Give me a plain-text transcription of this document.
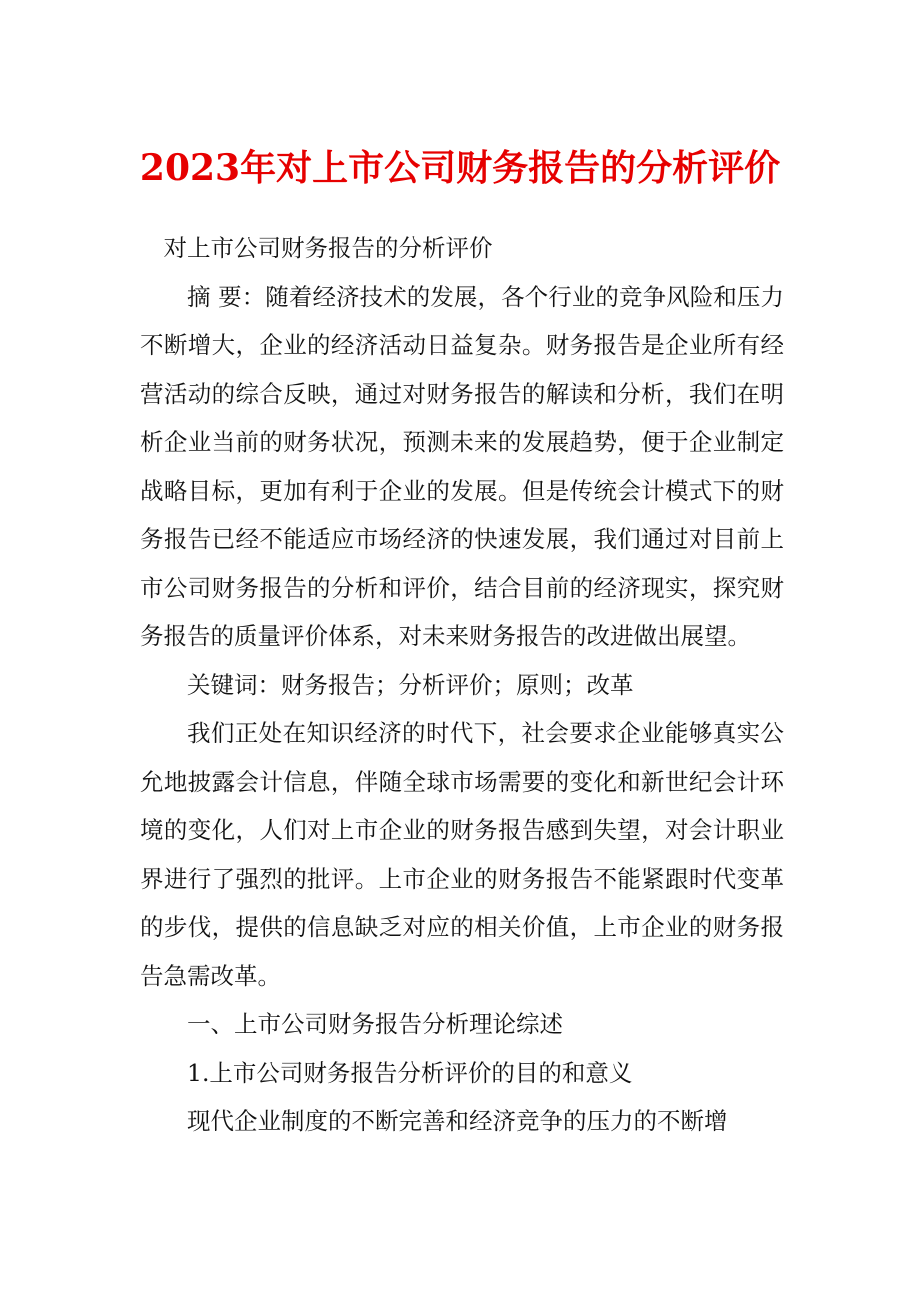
2023年对上市公司财务报告的分析评价

对上市公司财务报告的分析评价

摘 要：随着经济技术的发展，各个行业的竞争风险和压力不断增大，企业的经济活动日益复杂。财务报告是企业所有经营活动的综合反映，通过对财务报告的解读和分析，我们在明析企业当前的财务状况，预测未来的发展趋势，便于企业制定战略目标，更加有利于企业的发展。但是传统会计模式下的财务报告已经不能适应市场经济的快速发展，我们通过对目前上市公司财务报告的分析和评价，结合目前的经济现实，探究财务报告的质量评价体系，对未来财务报告的改进做出展望。

关键词：财务报告；分析评价；原则；改革

我们正处在知识经济的时代下，社会要求企业能够真实公允地披露会计信息，伴随全球市场需要的变化和新世纪会计环境的变化，人们对上市企业的财务报告感到失望，对会计职业界进行了强烈的批评。上市企业的财务报告不能紧跟时代变革的步伐，提供的信息缺乏对应的相关价值，上市企业的财务报告急需改革。

一、上市公司财务报告分析理论综述

1.上市公司财务报告分析评价的目的和意义

现代企业制度的不断完善和经济竞争的压力的不断增
